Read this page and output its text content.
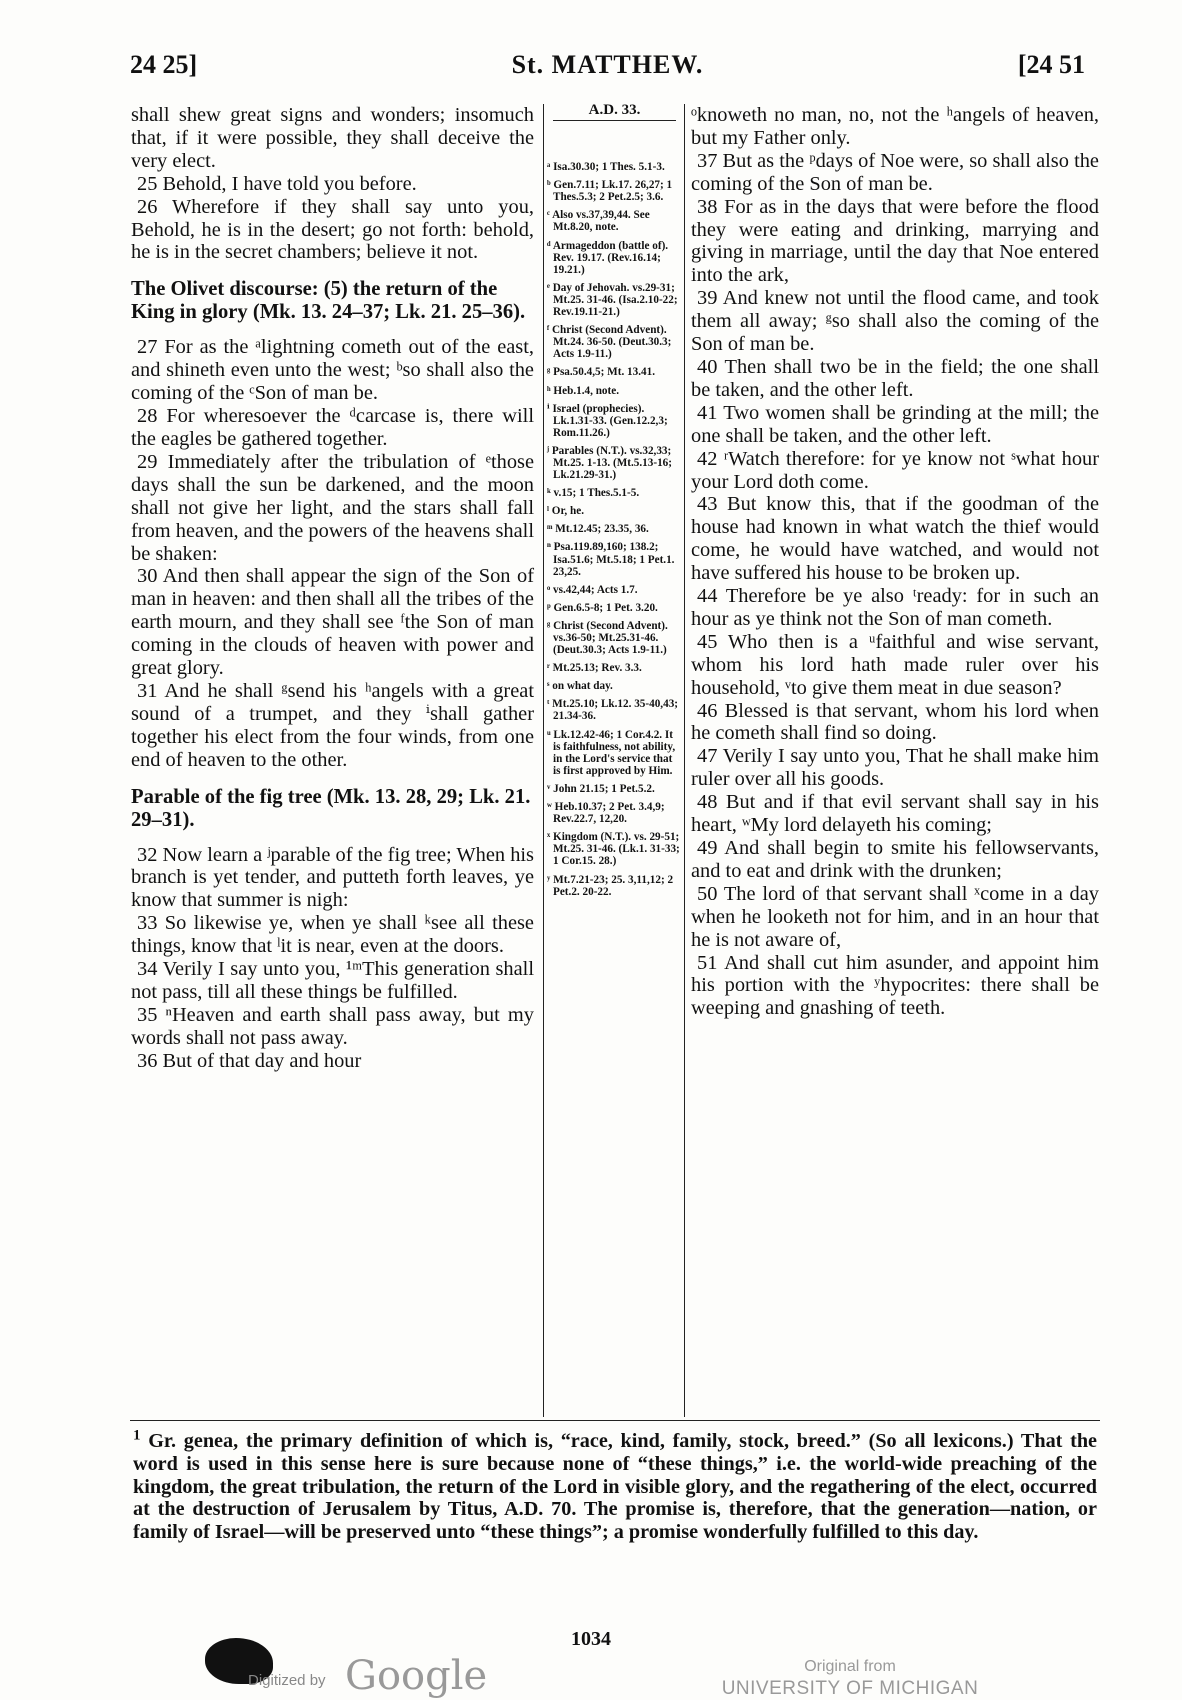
24 25]	St. MATTHEW.	[24 51

shall shew great signs and wonders; insomuch that, if it were possible, they shall deceive the very elect.

25 Behold, I have told you before.

26 Wherefore if they shall say unto you, Behold, he is in the desert; go not forth: behold, he is in the secret chambers; believe it not.

The Olivet discourse: (5) the return of the King in glory (Mk. 13. 24–37; Lk. 21. 25–36).

27 For as the ᵃlightning cometh out of the east, and shineth even unto the west; ᵇso shall also the coming of the ᶜSon of man be.

28 For wheresoever the ᵈcarcase is, there will the eagles be gathered together.

29 Immediately after the tribulation of ᵉthose days shall the sun be darkened, and the moon shall not give her light, and the stars shall fall from heaven, and the powers of the heavens shall be shaken:

30 And then shall appear the sign of the Son of man in heaven: and then shall all the tribes of the earth mourn, and they shall see ᶠthe Son of man coming in the clouds of heaven with power and great glory.

31 And he shall ᵍsend his ʰangels with a great sound of a trumpet, and they ⁱshall gather together his elect from the four winds, from one end of heaven to the other.

Parable of the fig tree (Mk. 13. 28, 29; Lk. 21. 29–31).

32 Now learn a ʲparable of the fig tree; When his branch is yet tender, and putteth forth leaves, ye know that summer is nigh:

33 So likewise ye, when ye shall ᵏsee all these things, know that ˡit is near, even at the doors.

34 Verily I say unto you, ¹ᵐThis generation shall not pass, till all these things be fulfilled.

35 ⁿHeaven and earth shall pass away, but my words shall not pass away.

36 But of that day and hour

A.D. 33.
ᵃ Isa.30.30; 1 Thes. 5.1-3.
ᵇ Gen.7.11; Lk.17. 26,27; 1 Thes.5.3; 2 Pet.2.5; 3.6.
ᶜ Also vs.37,39,44. See Mt.8.20, note.
ᵈ Armageddon (battle of). Rev. 19.17. (Rev.16.14; 19.21.)
ᵉ Day of Jehovah. vs.29-31; Mt.25. 31-46. (Isa.2.10-22; Rev.19.11-21.)
ᶠ Christ (Second Advent). Mt.24. 36-50. (Deut.30.3; Acts 1.9-11.)
ᵍ Psa.50.4,5; Mt. 13.41.
ʰ Heb.1.4, note.
ⁱ Israel (prophecies). Lk.1.31-33. (Gen.12.2,3; Rom.11.26.)
ʲ Parables (N.T.). vs.32,33; Mt.25. 1-13. (Mt.5.13-16; Lk.21.29-31.)
ᵏ v.15; 1 Thes.5.1-5.
ˡ Or, he.
ᵐ Mt.12.45; 23.35, 36.
ⁿ Psa.119.89,160; 138.2; Isa.51.6; Mt.5.18; 1 Pet.1. 23,25.
ᵒ vs.42,44; Acts 1.7.
ᵖ Gen.6.5-8; 1 Pet. 3.20.
ᵍ Christ (Second Advent). vs.36-50; Mt.25.31-46. (Deut.30.3; Acts 1.9-11.)
ʳ Mt.25.13; Rev. 3.3.
ˢ on what day.
ᵗ Mt.25.10; Lk.12. 35-40,43; 21.34-36.
ᵘ Lk.12.42-46; 1 Cor.4.2. It is faithfulness, not ability, in the Lord's service that is first approved by Him.
ᵛ John 21.15; 1 Pet.5.2.
ʷ Heb.10.37; 2 Pet. 3.4,9; Rev.22.7, 12,20.
ˣ Kingdom (N.T.). vs. 29-51; Mt.25. 31-46. (Lk.1. 31-33; 1 Cor.15. 28.)
ʸ Mt.7.21-23; 25. 3,11,12; 2 Pet.2. 20-22.

ᵒknoweth no man, no, not the ʰangels of heaven, but my Father only.

37 But as the ᵖdays of Noe were, so shall also the coming of the Son of man be.

38 For as in the days that were before the flood they were eating and drinking, marrying and giving in marriage, until the day that Noe entered into the ark,

39 And knew not until the flood came, and took them all away; ᵍso shall also the coming of the Son of man be.

40 Then shall two be in the field; the one shall be taken, and the other left.

41 Two women shall be grinding at the mill; the one shall be taken, and the other left.

42 ʳWatch therefore: for ye know not ˢwhat hour your Lord doth come.

43 But know this, that if the goodman of the house had known in what watch the thief would come, he would have watched, and would not have suffered his house to be broken up.

44 Therefore be ye also ᵗready: for in such an hour as ye think not the Son of man cometh.

45 Who then is a ᵘfaithful and wise servant, whom his lord hath made ruler over his household, ᵛto give them meat in due season?

46 Blessed is that servant, whom his lord when he cometh shall find so doing.

47 Verily I say unto you, That he shall make him ruler over all his goods.

48 But and if that evil servant shall say in his heart, ʷMy lord delayeth his coming;

49 And shall begin to smite his fellowservants, and to eat and drink with the drunken;

50 The lord of that servant shall ˣcome in a day when he looketh not for him, and in an hour that he is not aware of,

51 And shall cut him asunder, and appoint him his portion with the ʸhypocrites: there shall be weeping and gnashing of teeth.

$^1$ Gr. genea, the primary definition of which is, “race, kind, family, stock, breed.” (So all lexicons.) That the word is used in this sense here is sure because none of “these things,” i.e. the world-wide preaching of the kingdom, the great tribulation, the return of the Lord in visible glory, and the regathering of the elect, occurred at the destruction of Jerusalem by Titus, A.D. 70. The promise is, therefore, that the generation—nation, or family of Israel—will be preserved unto “these things”; a promise wonderfully fulfilled to this day.
1034
Digitized by Google	Original from
UNIVERSITY OF MICHIGAN
